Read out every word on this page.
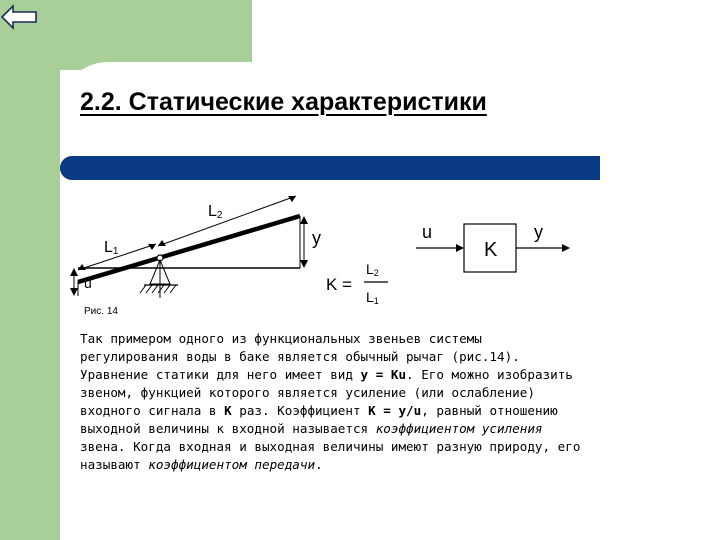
2.2. Статические характеристики
L2
L1
y
u
Рис. 14
K =
L2
L1
u
K
y
Так примером одного из функциональных звеньев системы
регулирования воды в баке является обычный рычаг (рис.14).
Уравнение статики для него имеет вид y = Ku. Его можно изобразить
звеном, функцией которого является усиление (или ослабление)
входного сигнала в K раз. Коэффициент K = y/u, равный отношению
выходной величины к входной называется коэффициентом усиления
звена. Когда входная и выходная величины имеют разную природу, его
называют коэффициентом передачи.
